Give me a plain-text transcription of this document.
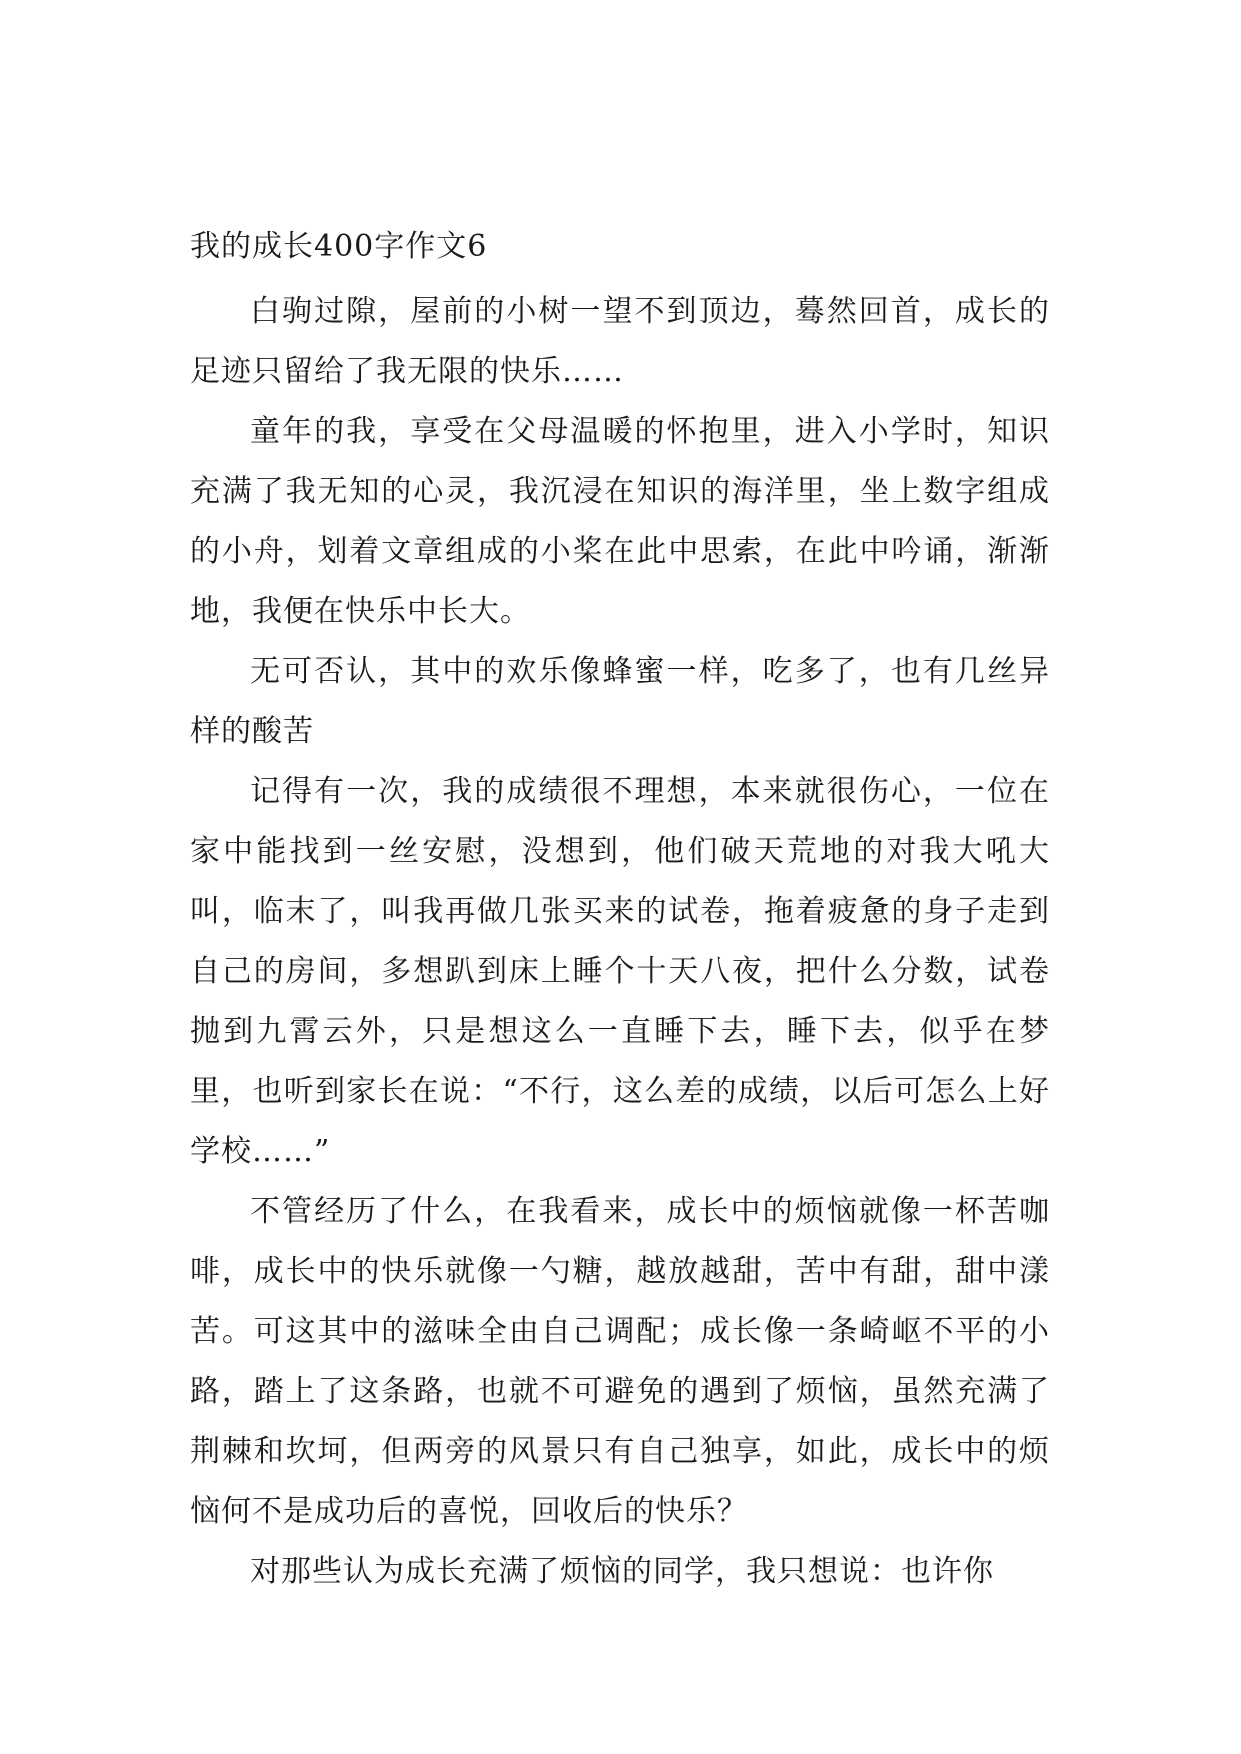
我的成长400字作文6

白驹过隙，屋前的小树一望不到顶边，蓦然回首，成长的足迹只留给了我无限的快乐……

童年的我，享受在父母温暖的怀抱里，进入小学时，知识充满了我无知的心灵，我沉浸在知识的海洋里，坐上数字组成的小舟，划着文章组成的小桨在此中思索，在此中吟诵，渐渐地，我便在快乐中长大。

无可否认，其中的欢乐像蜂蜜一样，吃多了，也有几丝异样的酸苦

记得有一次，我的成绩很不理想，本来就很伤心，一位在家中能找到一丝安慰，没想到，他们破天荒地的对我大吼大叫，临末了，叫我再做几张买来的试卷，拖着疲惫的身子走到自己的房间，多想趴到床上睡个十天八夜，把什么分数，试卷抛到九霄云外，只是想这么一直睡下去，睡下去，似乎在梦里，也听到家长在说：“不行，这么差的成绩，以后可怎么上好学校……”

不管经历了什么，在我看来，成长中的烦恼就像一杯苦咖啡，成长中的快乐就像一勺糖，越放越甜，苦中有甜，甜中漾苦。可这其中的滋味全由自己调配；成长像一条崎岖不平的小路，踏上了这条路，也就不可避免的遇到了烦恼，虽然充满了荆棘和坎坷，但两旁的风景只有自己独享，如此，成长中的烦恼何不是成功后的喜悦，回收后的快乐？

对那些认为成长充满了烦恼的同学，我只想说：也许你
